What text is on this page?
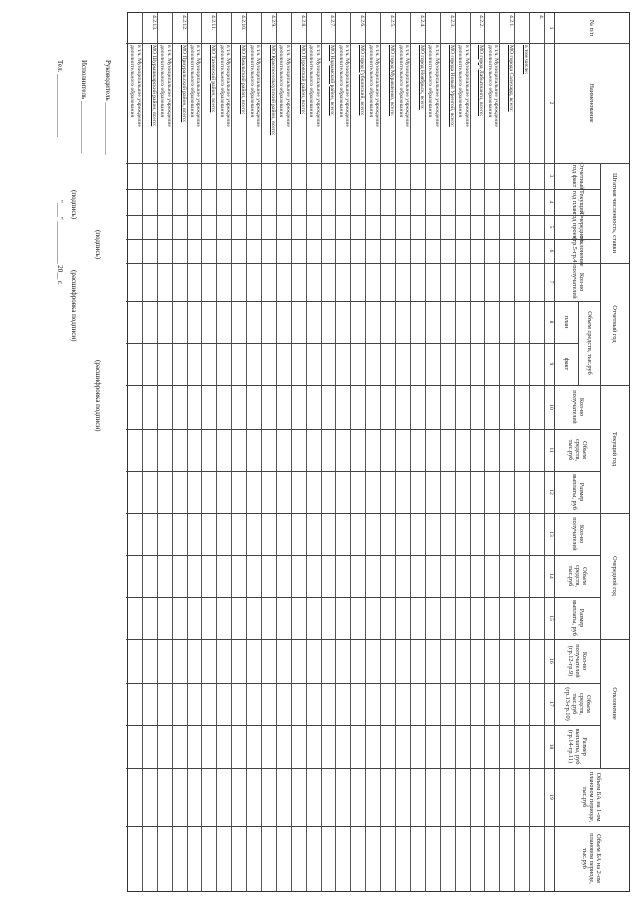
№ п/п
Наименование
Штатная численность, ставки
Отчетный год факт
Текущий год план
Очередной год проект
отклонение (гр.5-гр.4)
Отчетный год
Кол-во получателей
Объем средств, тыс.руб
план
факт
Текущий год
Кол-во получателей
Объем средств, тыс.руб
Размер выплаты, руб
Очередной год
Кол-во получателей
Объем средств, тыс.руб
Размер выплаты, руб
Отклонение
Кол-во получателей (гр.12-гр.9)
Объем средств, тыс.руб (гр.13-гр.10)
Размер выплаты, руб (гр.14-гр.11)
Объем БА на 1-ом плановом периоде, тыс.руб
Объем БА на 2-ом плановом периоде, тыс.руб
1
2
3
4
5
6
7
8
9
10
11
12
13
14
15
16
17
18
19
4.
в том числе:
4.2.1.
МО города Салехард, всего:
в т.ч. Муниципальное учреждение дополнительного образования
4.2.2.
МО город Лабытнанги, всего:
в т.ч. Муниципальное учреждение дополнительного образования
4.2.3.
МО города Новый Уренгой, всего:
в т.ч. Муниципальное учреждение дополнительного образования
4.2.4.
МО город Ноябрьск, всего:
в т.ч. Муниципальное учреждение дополнительного образования
4.2.5.
МО город Муравленко, всего:
в т.ч. Муниципальное учреждение дополнительного образования
4.2.6.
МО город Губкинский, всего:
в т.ч. Муниципальное учреждение дополнительного образования
4.2.7.
МО Надымский район, всего:
в т.ч. Муниципальное учреждение дополнительного образования
4.2.8.
МО Пуровский район, всего:
в т.ч. Муниципальное учреждение дополнительного образования
4.2.9.
МО Красноселькупский район, всего:
в т.ч. Муниципальное учреждение дополнительного образования
4.2.10.
МО Ямальский район, всего:
в т.ч. Муниципальное учреждение дополнительного образования
4.2.11.
МО Тазовский район, всего:
в т.ч. Муниципальное учреждение дополнительного образования
4.2.12.
МО Приуральский район, всего:
в т.ч. Муниципальное учреждение дополнительного образования
4.2.13.
МО Шурышкарский район, всего:
в т.ч. Муниципальное учреждение дополнительного образования
Руководитель _______________
Исполнитель _______________
(подпись)
(расшифровка подписи)
(подпись)
(расшифровка подписи)
Тел. __________________
"____" ____________ 20__ г.
